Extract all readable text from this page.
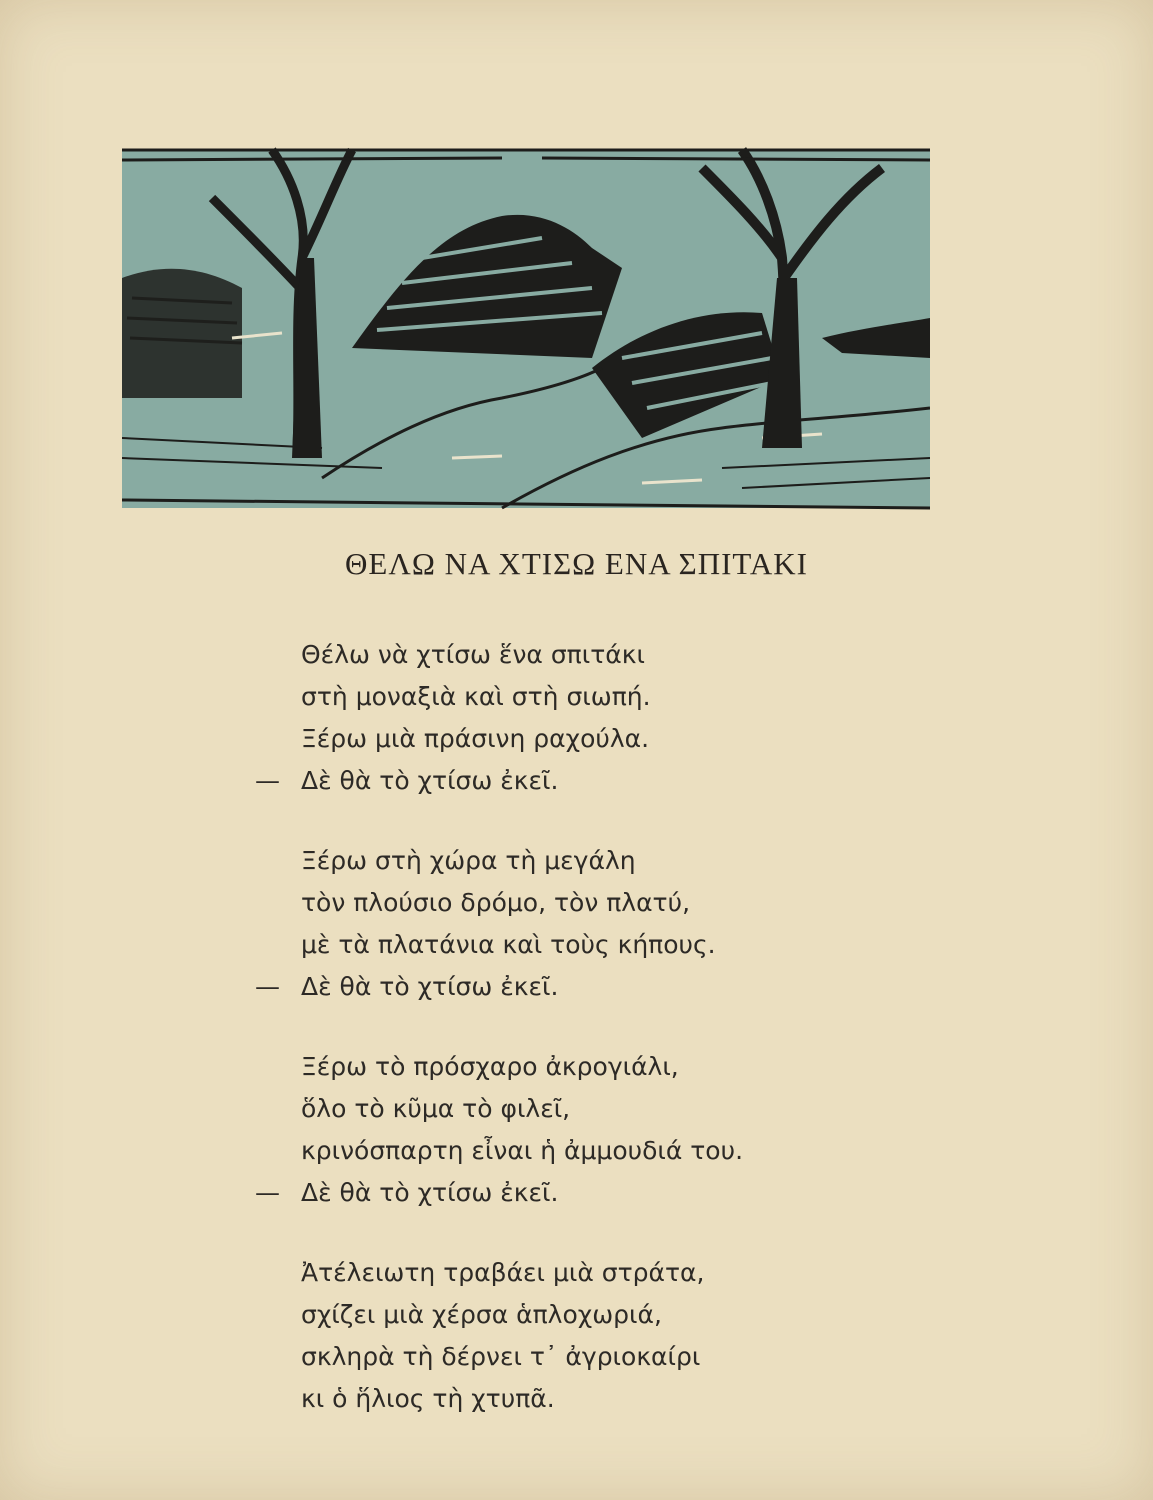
ΘΕΛΩ ΝΑ ΧΤΙΣΩ ΕΝΑ ΣΠΙΤΑΚΙ
Θέλω νὰ χτίσω ἕνα σπιτάκι
στὴ μοναξιὰ καὶ στὴ σιωπή.
Ξέρω μιὰ πράσινη ραχούλα.
— Δὲ θὰ τὸ χτίσω ἐκεῖ.
Ξέρω στὴ χώρα τὴ μεγάλη
τὸν πλούσιο δρόμο, τὸν πλατύ,
μὲ τὰ πλατάνια καὶ τοὺς κήπους.
— Δὲ θὰ τὸ χτίσω ἐκεῖ.
Ξέρω τὸ πρόσχαρο ἀκρογιάλι,
ὅλο τὸ κῦμα τὸ φιλεῖ,
κρινόσπαρτη εἶναι ἡ ἀμμουδιά του.
— Δὲ θὰ τὸ χτίσω ἐκεῖ.
Ἀτέλειωτη τραβάει μιὰ στράτα,
σχίζει μιὰ χέρσα ἁπλοχωριά,
σκληρὰ τὴ δέρνει τ᾽ ἀγριοκαίρι
κι ὁ ἥλιος τὴ χτυπᾶ.
